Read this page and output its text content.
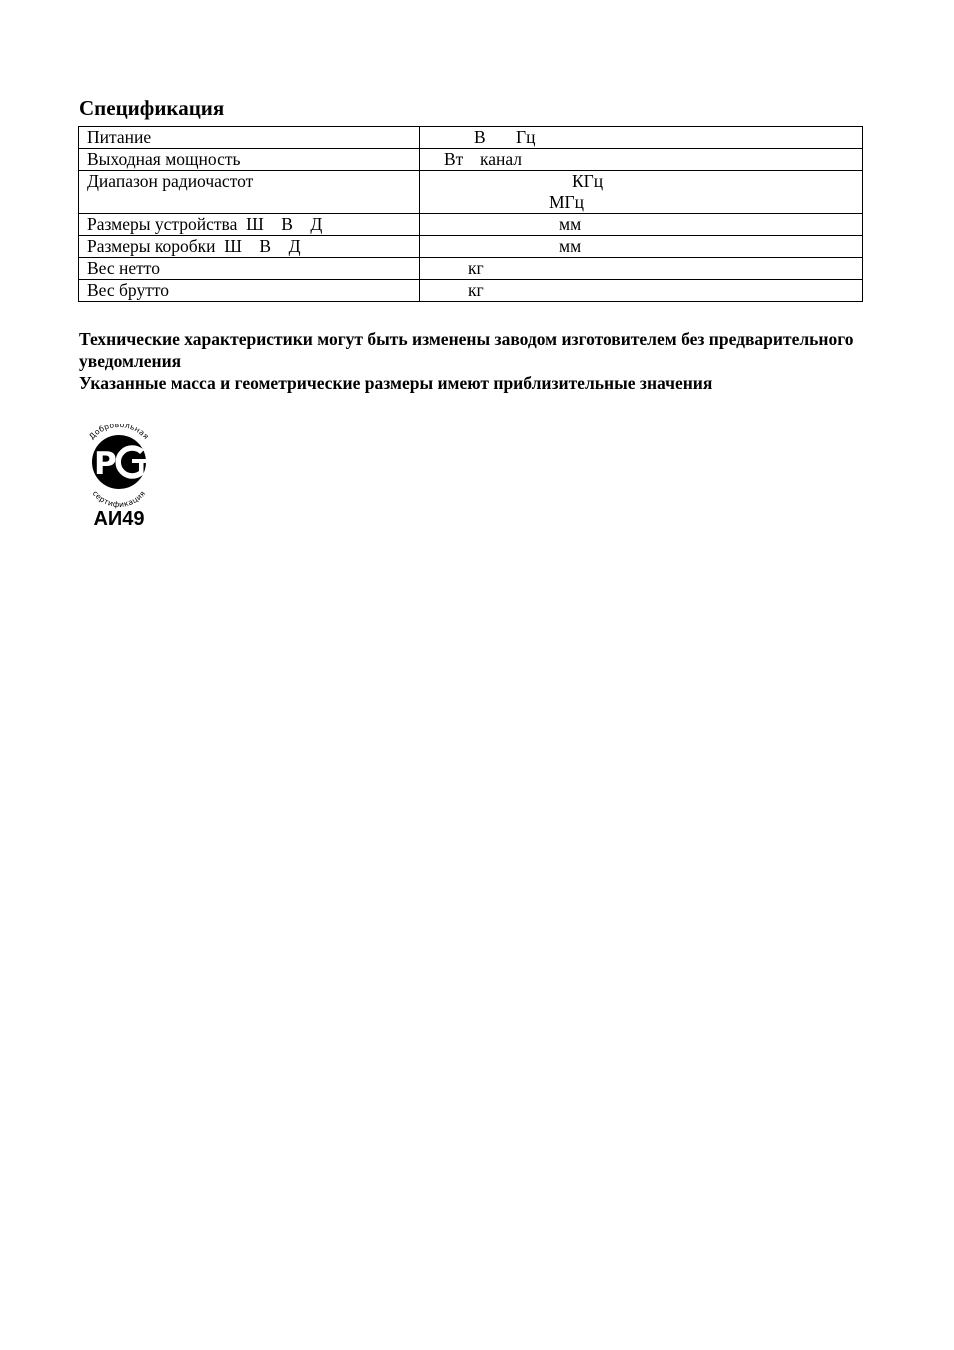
Спецификация
Питание	В Гц

Выходная мощность	Вт канал

Диапазон радиочастот	КГц
МГц

Размеры устройства  Ш    В    Д	мм

Размеры коробки  Ш    В    Д	мм

Вес нетто	кг

Вес брутто	кг

Технические характеристики могут быть изменены заводом изготовителем без предварительного уведомления

Указанные масса и геометрические размеры имеют приблизительные значения

Добровольная
P
сертификация
АИ49
